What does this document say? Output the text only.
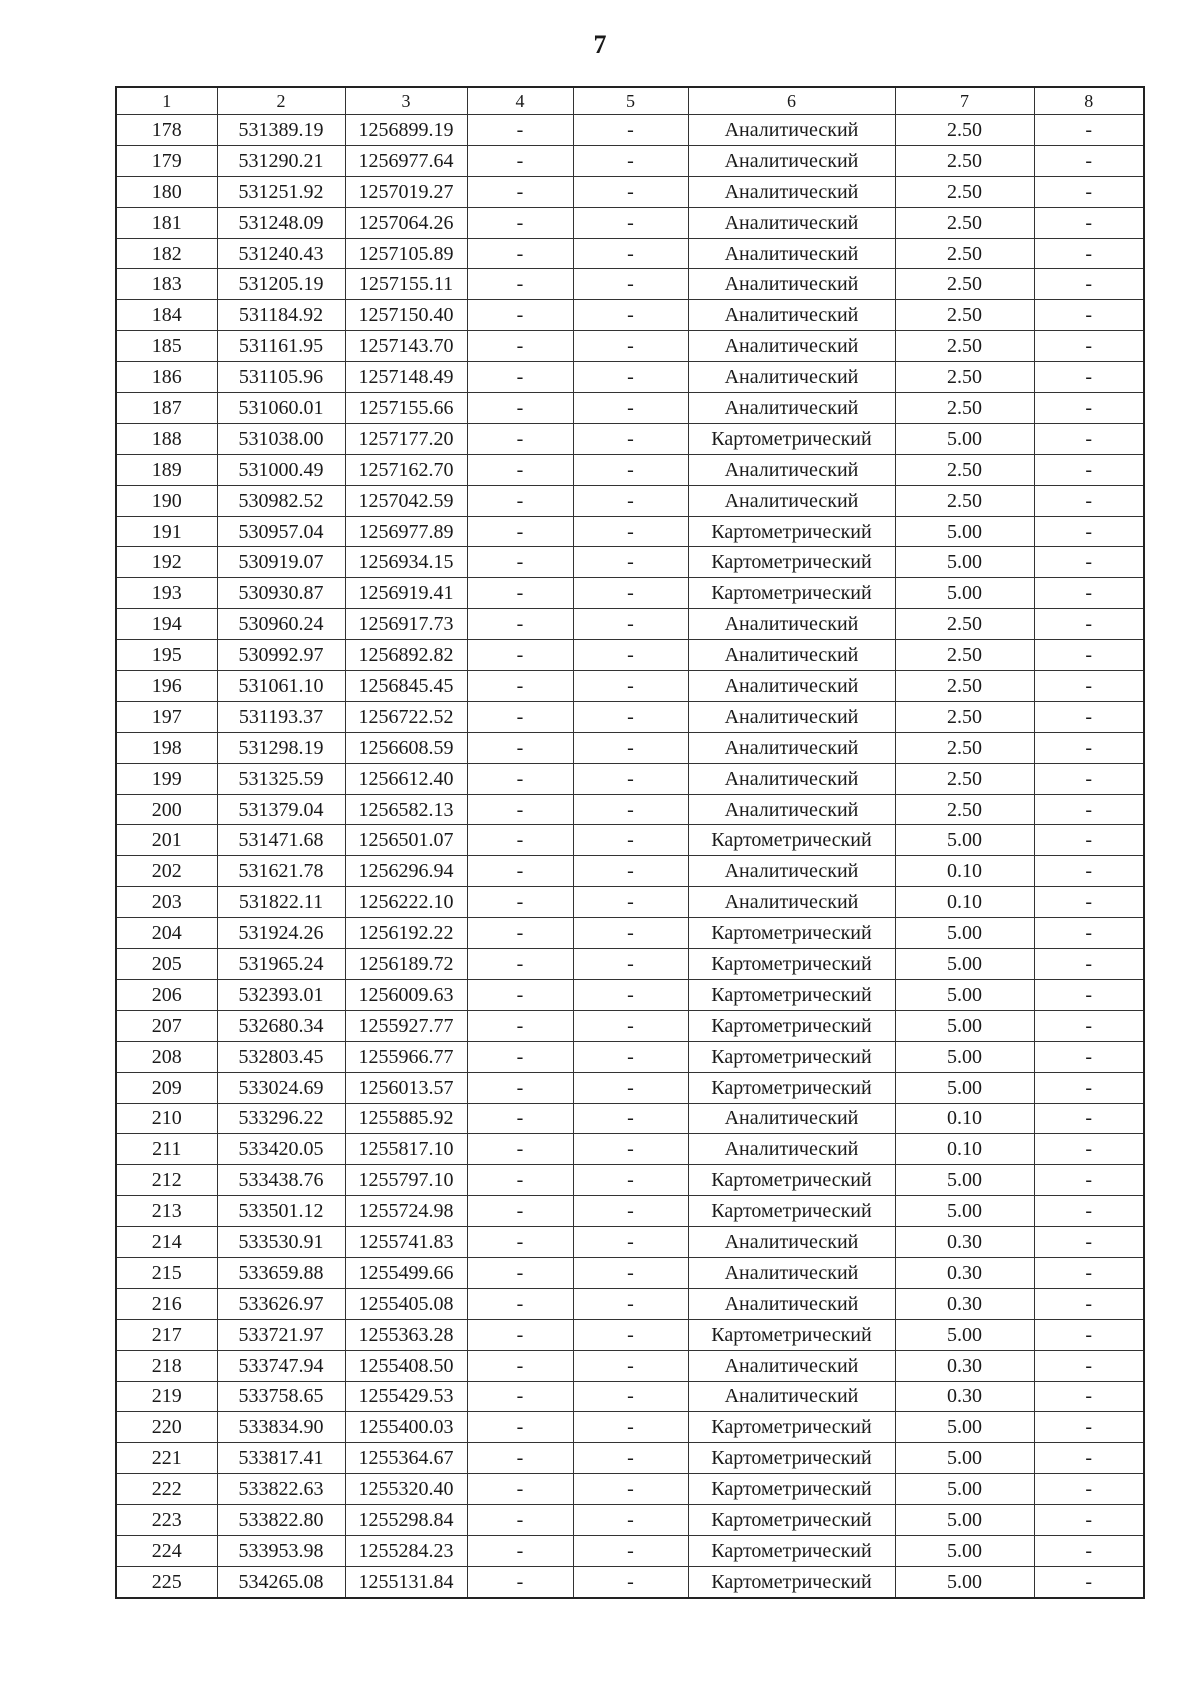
7
1	2	3	4	5	6	7	8
178	531389.19	1256899.19	-	-	Аналитический	2.50	-
179	531290.21	1256977.64	-	-	Аналитический	2.50	-
180	531251.92	1257019.27	-	-	Аналитический	2.50	-
181	531248.09	1257064.26	-	-	Аналитический	2.50	-
182	531240.43	1257105.89	-	-	Аналитический	2.50	-
183	531205.19	1257155.11	-	-	Аналитический	2.50	-
184	531184.92	1257150.40	-	-	Аналитический	2.50	-
185	531161.95	1257143.70	-	-	Аналитический	2.50	-
186	531105.96	1257148.49	-	-	Аналитический	2.50	-
187	531060.01	1257155.66	-	-	Аналитический	2.50	-
188	531038.00	1257177.20	-	-	Картометрический	5.00	-
189	531000.49	1257162.70	-	-	Аналитический	2.50	-
190	530982.52	1257042.59	-	-	Аналитический	2.50	-
191	530957.04	1256977.89	-	-	Картометрический	5.00	-
192	530919.07	1256934.15	-	-	Картометрический	5.00	-
193	530930.87	1256919.41	-	-	Картометрический	5.00	-
194	530960.24	1256917.73	-	-	Аналитический	2.50	-
195	530992.97	1256892.82	-	-	Аналитический	2.50	-
196	531061.10	1256845.45	-	-	Аналитический	2.50	-
197	531193.37	1256722.52	-	-	Аналитический	2.50	-
198	531298.19	1256608.59	-	-	Аналитический	2.50	-
199	531325.59	1256612.40	-	-	Аналитический	2.50	-
200	531379.04	1256582.13	-	-	Аналитический	2.50	-
201	531471.68	1256501.07	-	-	Картометрический	5.00	-
202	531621.78	1256296.94	-	-	Аналитический	0.10	-
203	531822.11	1256222.10	-	-	Аналитический	0.10	-
204	531924.26	1256192.22	-	-	Картометрический	5.00	-
205	531965.24	1256189.72	-	-	Картометрический	5.00	-
206	532393.01	1256009.63	-	-	Картометрический	5.00	-
207	532680.34	1255927.77	-	-	Картометрический	5.00	-
208	532803.45	1255966.77	-	-	Картометрический	5.00	-
209	533024.69	1256013.57	-	-	Картометрический	5.00	-
210	533296.22	1255885.92	-	-	Аналитический	0.10	-
211	533420.05	1255817.10	-	-	Аналитический	0.10	-
212	533438.76	1255797.10	-	-	Картометрический	5.00	-
213	533501.12	1255724.98	-	-	Картометрический	5.00	-
214	533530.91	1255741.83	-	-	Аналитический	0.30	-
215	533659.88	1255499.66	-	-	Аналитический	0.30	-
216	533626.97	1255405.08	-	-	Аналитический	0.30	-
217	533721.97	1255363.28	-	-	Картометрический	5.00	-
218	533747.94	1255408.50	-	-	Аналитический	0.30	-
219	533758.65	1255429.53	-	-	Аналитический	0.30	-
220	533834.90	1255400.03	-	-	Картометрический	5.00	-
221	533817.41	1255364.67	-	-	Картометрический	5.00	-
222	533822.63	1255320.40	-	-	Картометрический	5.00	-
223	533822.80	1255298.84	-	-	Картометрический	5.00	-
224	533953.98	1255284.23	-	-	Картометрический	5.00	-
225	534265.08	1255131.84	-	-	Картометрический	5.00	-
